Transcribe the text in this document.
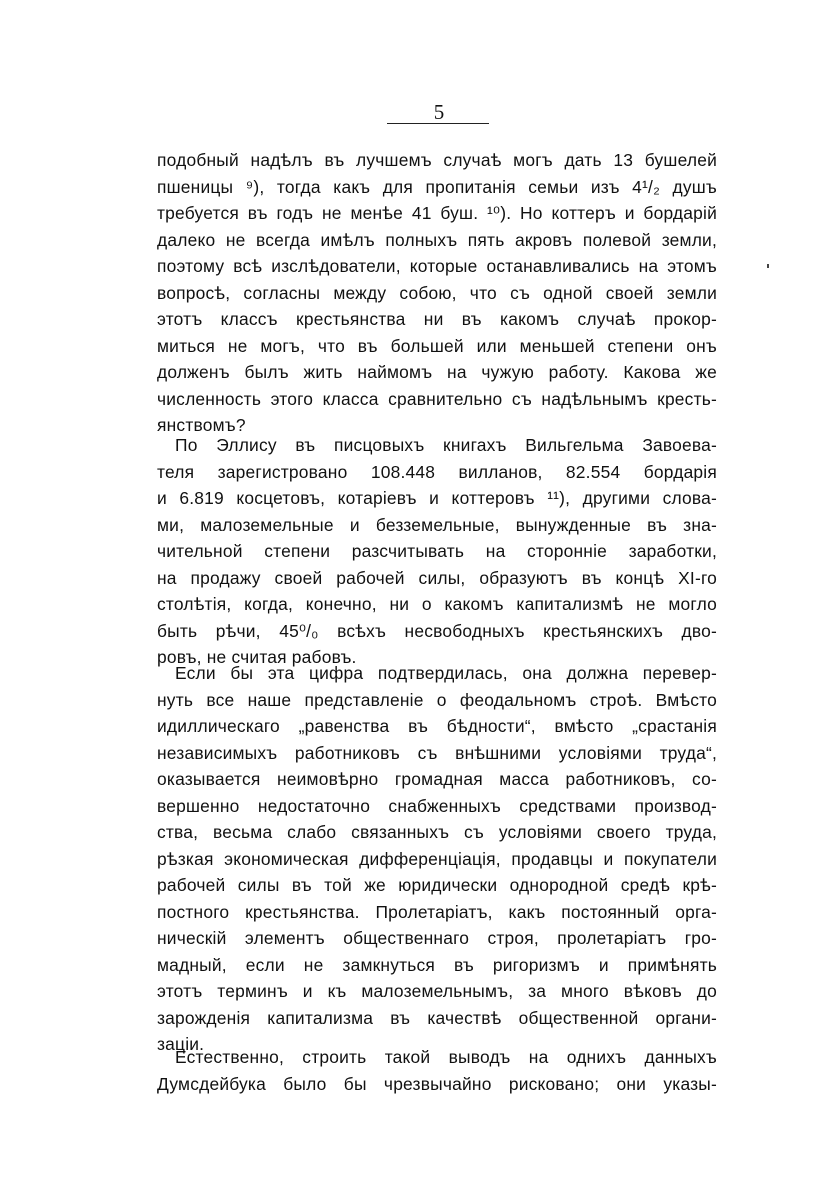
5
подобный надѣлъ въ лучшемъ случаѣ могъ дать 13 бушелей
пшеницы ⁹), тогда какъ для пропитанія семьи изъ 4¹/₂ душъ
требуется въ годъ не менѣе 41 буш. ¹⁰). Но коттеръ и бордарій
далеко не всегда имѣлъ полныхъ пять акровъ полевой земли,
поэтому всѣ изслѣдователи, которые останавливались на этомъ
вопросѣ, согласны между собою, что съ одной своей земли
этотъ классъ крестьянства ни въ какомъ случаѣ прокор-
миться не могъ, что въ большей или меньшей степени онъ
долженъ былъ жить наймомъ на чужую работу. Какова же
численность этого класса сравнительно съ надѣльнымъ кресть-
янствомъ?
По Эллису въ писцовыхъ книгахъ Вильгельма Завоева-
теля зарегистровано 108.448 вилланов, 82.554 бордарія
и 6.819 косцетовъ, котаріевъ и коттеровъ ¹¹), другими слова-
ми, малоземельные и безземельные, вынужденные въ зна-
чительной степени разсчитывать на сторонніе заработки,
на продажу своей рабочей силы, образуютъ въ концѣ XI-го
столѣтія, когда, конечно, ни о какомъ капитализмѣ не могло
быть рѣчи, 45⁰/₀ всѣхъ несвободныхъ крестьянскихъ дво-
ровъ, не считая рабовъ.
Если бы эта цифра подтвердилась, она должна перевер-
нуть все наше представленіе о феодальномъ строѣ. Вмѣсто
идиллическаго „равенства въ бѣдности“, вмѣсто „срастанія
независимыхъ работниковъ съ внѣшними условіями труда“,
оказывается неимовѣрно громадная масса работниковъ, со-
вершенно недостаточно снабженныхъ средствами производ-
ства, весьма слабо связанныхъ съ условіями своего труда,
рѣзкая экономическая дифференціація, продавцы и покупатели
рабочей силы въ той же юридически однородной средѣ крѣ-
постного крестьянства. Пролетаріатъ, какъ постоянный орга-
ническій элементъ общественнаго строя, пролетаріатъ гро-
мадный, если не замкнуться въ ригоризмъ и примѣнять
этотъ терминъ и къ малоземельнымъ, за много вѣковъ до
зарожденія капитализма въ качествѣ общественной органи-
заціи.
Естественно, строить такой выводъ на однихъ данныхъ
Думсдейбука было бы чрезвычайно рисковано; они указы-
